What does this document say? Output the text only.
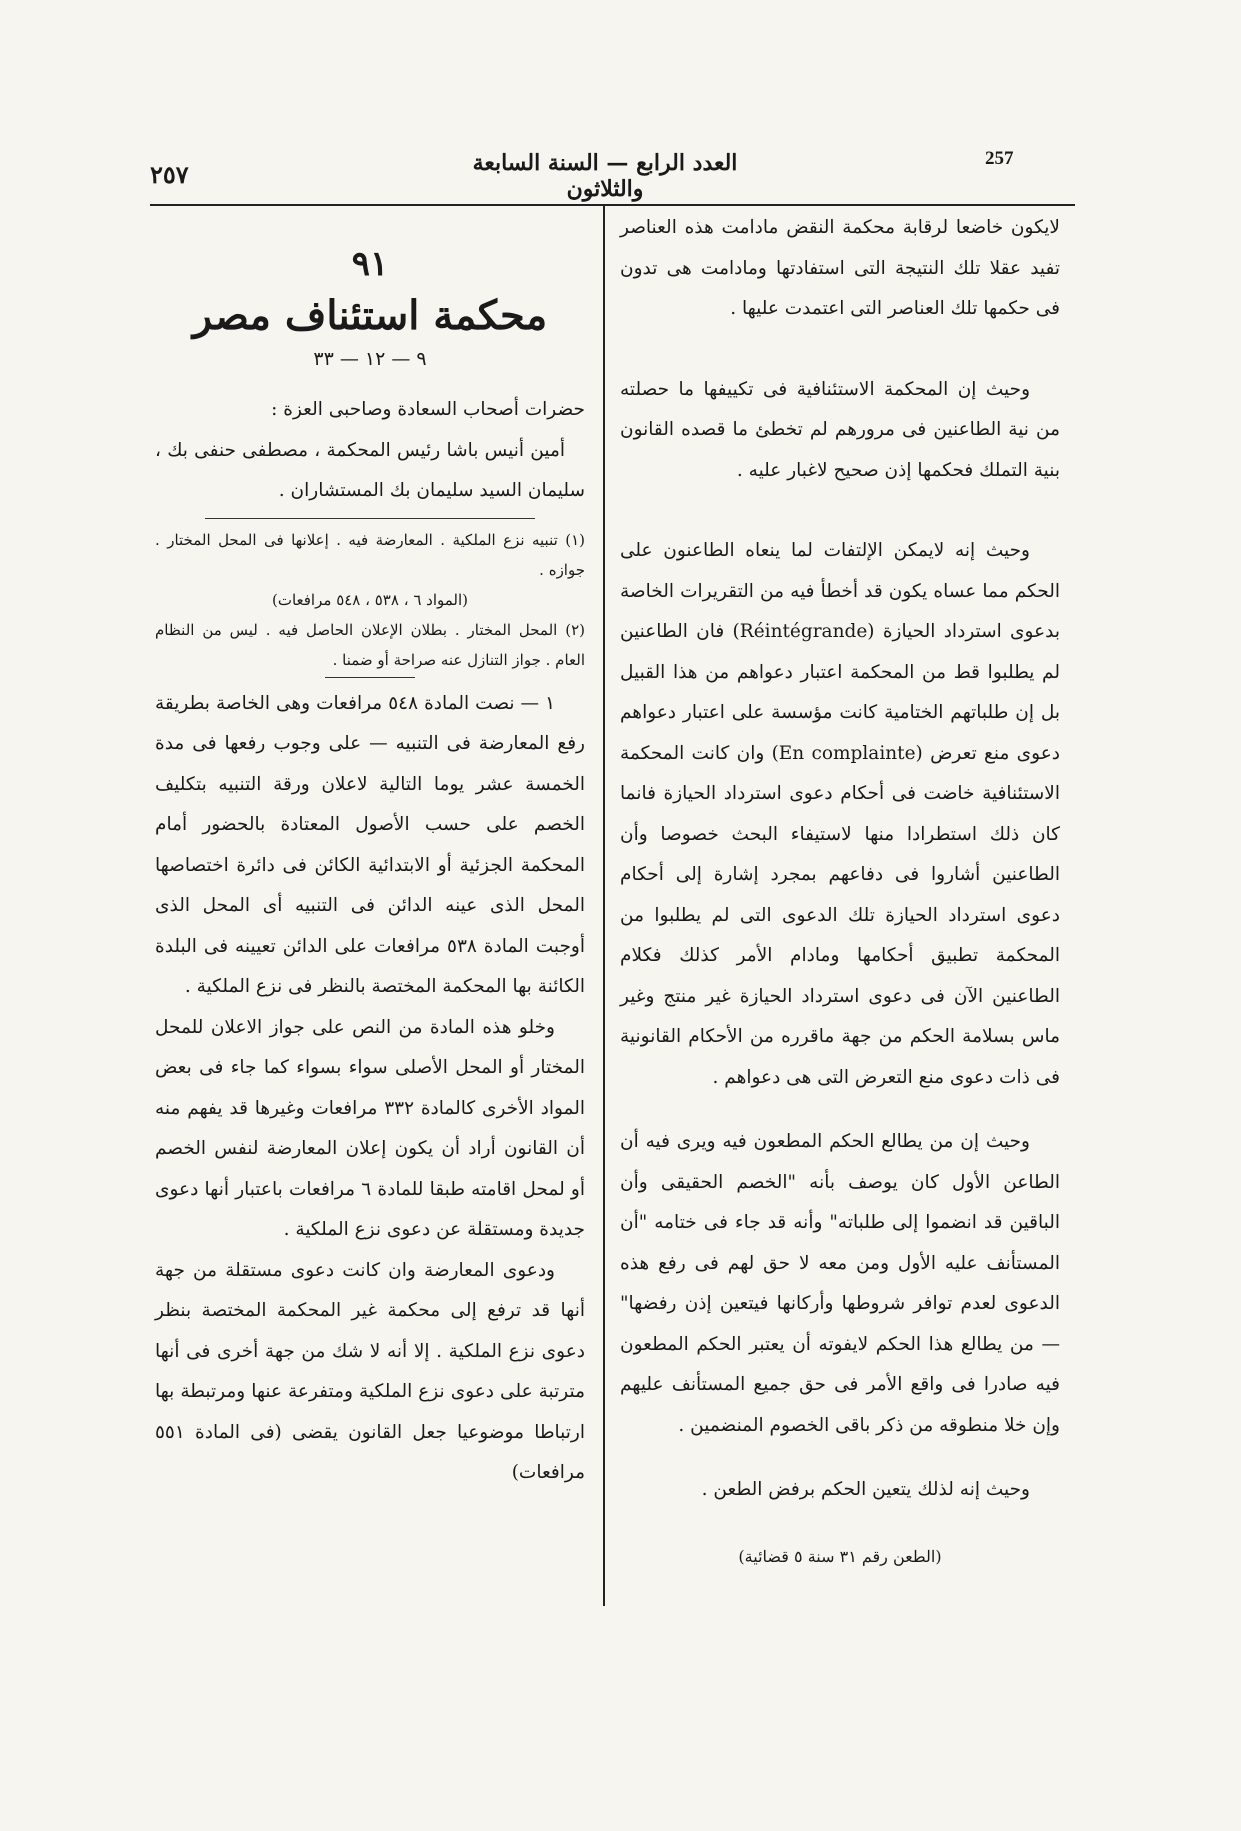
257
العدد الرابع — السنة السابعة والثلاثون
٢٥٧

لايكون خاضعا لرقابة محكمة النقض مادامت هذه العناصر تفيد عقلا تلك النتيجة التى استفادتها ومادامت هى تدون فى حكمها تلك العناصر التى اعتمدت عليها .

وحيث إن المحكمة الاستئنافية فى تكييفها ما حصلته من نية الطاعنين فى مرورهم لم تخطئ ما قصده القانون بنية التملك فحكمها إذن صحيح لاغبار عليه .

وحيث إنه لايمكن الإلتفات لما ينعاه الطاعنون على الحكم مما عساه يكون قد أخطأ فيه من التقريرات الخاصة بدعوى استرداد الحيازة (Réintégrande) فان الطاعنين لم يطلبوا قط من المحكمة اعتبار دعواهم من هذا القبيل بل إن طلباتهم الختامية كانت مؤسسة على اعتبار دعواهم دعوى منع تعرض (En complainte) وان كانت المحكمة الاستئنافية خاضت فى أحكام دعوى استرداد الحيازة فانما كان ذلك استطرادا منها لاستيفاء البحث خصوصا وأن الطاعنين أشاروا فى دفاعهم بمجرد إشارة إلى أحكام دعوى استرداد الحيازة تلك الدعوى التى لم يطلبوا من المحكمة تطبيق أحكامها ومادام الأمر كذلك فكلام الطاعنين الآن فى دعوى استرداد الحيازة غير منتج وغير ماس بسلامة الحكم من جهة ماقرره من الأحكام القانونية فى ذات دعوى منع التعرض التى هى دعواهم .

وحيث إن من يطالع الحكم المطعون فيه ويرى فيه أن الطاعن الأول كان يوصف بأنه "الخصم الحقيقى وأن الباقين قد انضموا إلى طلباته" وأنه قد جاء فى ختامه "أن المستأنف عليه الأول ومن معه لا حق لهم فى رفع هذه الدعوى لعدم توافر شروطها وأركانها فيتعين إذن رفضها" — من يطالع هذا الحكم لايفوته أن يعتبر الحكم المطعون فيه صادرا فى واقع الأمر فى حق جميع المستأنف عليهم وإن خلا منطوقه من ذكر باقى الخصوم المنضمين .

وحيث إنه لذلك يتعين الحكم برفض الطعن .

(الطعن رقم ٣١ سنة ٥ قضائية)
٩١
محكمة استئناف مصر
٩ — ١٢ — ٣٣

حضرات أصحاب السعادة وصاحبى العزة :

أمين أنيس باشا رئيس المحكمة ، مصطفى حنفى بك ، سليمان السيد سليمان بك المستشاران .

(١) تنبيه نزع الملكية . المعارضة فيه . إعلانها فى المحل المختار . جوازه .

(المواد ٦ ، ٥٣٨ ، ٥٤٨ مرافعات)

(٢) المحل المختار . بطلان الإعلان الحاصل فيه . ليس من النظام العام . جواز التنازل عنه صراحة أو ضمنا .

١ — نصت المادة ٥٤٨ مرافعات وهى الخاصة بطريقة رفع المعارضة فى التنبيه — على وجوب رفعها فى مدة الخمسة عشر يوما التالية لاعلان ورقة التنبيه بتكليف الخصم على حسب الأصول المعتادة بالحضور أمام المحكمة الجزئية أو الابتدائية الكائن فى دائرة اختصاصها المحل الذى عينه الدائن فى التنبيه أى المحل الذى أوجبت المادة ٥٣٨ مرافعات على الدائن تعيينه فى البلدة الكائنة بها المحكمة المختصة بالنظر فى نزع الملكية .

وخلو هذه المادة من النص على جواز الاعلان للمحل المختار أو المحل الأصلى سواء بسواء كما جاء فى بعض المواد الأخرى كالمادة ٣٣٢ مرافعات وغيرها قد يفهم منه أن القانون أراد أن يكون إعلان المعارضة لنفس الخصم أو لمحل اقامته طبقا للمادة ٦ مرافعات باعتبار أنها دعوى جديدة ومستقلة عن دعوى نزع الملكية .

ودعوى المعارضة وان كانت دعوى مستقلة من جهة أنها قد ترفع إلى محكمة غير المحكمة المختصة بنظر دعوى نزع الملكية . إلا أنه لا شك من جهة أخرى فى أنها مترتبة على دعوى نزع الملكية ومتفرعة عنها ومرتبطة بها ارتباطا موضوعيا جعل القانون يقضى (فى المادة ٥٥١ مرافعات)
